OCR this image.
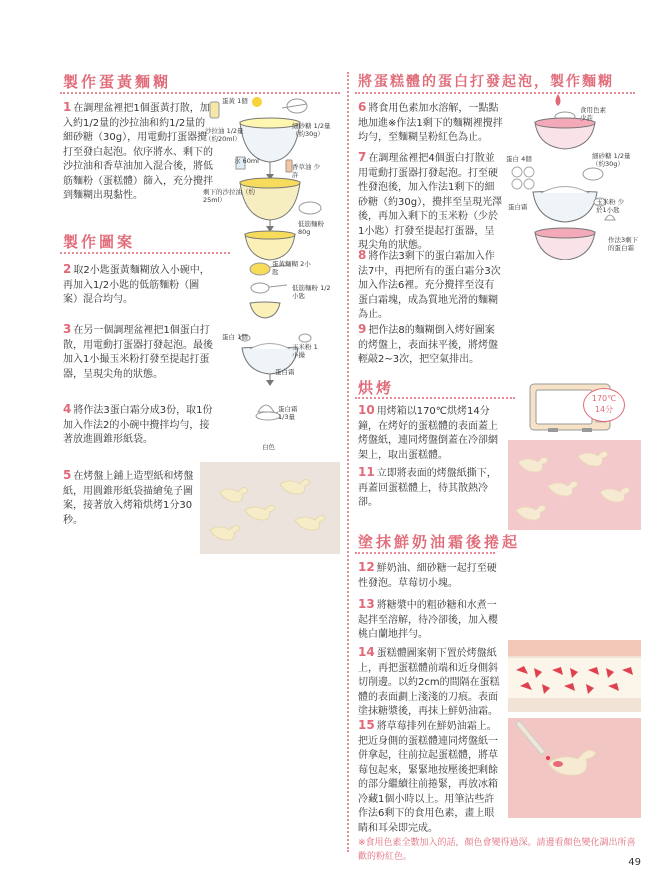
製作蛋黃麵糊
1 在調理盆裡把1個蛋黃打散，加入約1/2量的沙拉油和約1/2量的細砂糖（30g），用電動打蛋器攪打至發白起泡。依序將水、剩下的沙拉油和香草油加入混合後，將低筋麵粉（蛋糕體）篩入，充分攪拌到麵糊出現黏性。
蛋黃 1個
沙拉油 1/2量（約20ml）
細砂糖 1/2量（約30g）
水 60ml
香草油 少許
剩下的沙拉油（約25ml）
低筋麵粉 80g
製作圖案
2 取2小匙蛋黃麵糊放入小碗中，再加入1/2小匙的低筋麵粉（圖案）混合均勻。
蛋黃麵糊 2小匙
低筋麵粉 1/2小匙
3 在另一個調理盆裡把1個蛋白打散，用電動打蛋器打發起泡。最後加入1小撮玉米粉打發至提起打蛋器，呈現尖角的狀態。
蛋白 1個
玉米粉 1小撮
蛋白霜
4 將作法3蛋白霜分成3份，取1份加入作法2的小碗中攪拌均勻，接著放進圓錐形紙袋。
蛋白霜 1/3量
白色
5 在烤盤上鋪上造型紙和烤盤紙，用圓錐形紙袋描繪兔子圖案，接著放入烤箱烘烤1分30秒。
將蛋糕體的蛋白打發起泡，製作麵糊
6 將食用色素加水溶解，一點點地加進※作法1剩下的麵糊裡攪拌均勻，至麵糊呈粉紅色為止。
食用色素 少許
7 在調理盆裡把4個蛋白打散並用電動打蛋器打發起泡。打至硬性發泡後，加入作法1剩下的細砂糖（約30g），攪拌至呈現光澤後，再加入剩下的玉米粉（少於1小匙）打發至提起打蛋器，呈現尖角的狀態。
蛋白 4個	細砂糖 1/2量（約30g）
蛋白霜
玉米粉 少於1小匙
作法3剩下的蛋白霜
8 將作法3剩下的蛋白霜加入作法7中，再把所有的蛋白霜分3次加入作法6裡。充分攪拌至沒有蛋白霜塊，成為質地光滑的麵糊為止。
9 把作法8的麵糊倒入烤好圖案的烤盤上，表面抹平後，將烤盤輕敲2~3次，把空氣排出。
烘烤
170℃
14分
10 用烤箱以170℃烘烤14分鐘，在烤好的蛋糕體的表面蓋上烤盤紙，連同烤盤倒蓋在冷卻網架上，取出蛋糕體。
11 立即將表面的烤盤紙撕下，再蓋回蛋糕體上，待其散熱冷卻。
塗抹鮮奶油霜後捲起
12 鮮奶油、細砂糖一起打至硬性發泡。草莓切小塊。
13 將糖漿中的粗砂糖和水煮一起拌至溶解，待冷卻後，加入櫻桃白蘭地拌勻。
14 蛋糕體圖案朝下置於烤盤紙上，再把蛋糕體前端和近身側斜切削邊。以約2cm的間隔在蛋糕體的表面劃上淺淺的刀痕。表面塗抹糖漿後，再抹上鮮奶油霜。
15 將草莓排列在鮮奶油霜上。把近身側的蛋糕體連同烤盤紙一併拿起，往前拉起蛋糕體，將草莓包起來，緊緊地按壓後把剩餘的部分繼續往前捲緊，再放冰箱冷藏1個小時以上。用筆沾些許作法6剩下的食用色素，畫上眼睛和耳朵即完成。
※食用色素全數加入的話，顏色會變得過深。請邊看顏色變化調出所喜歡的粉紅色。	49
